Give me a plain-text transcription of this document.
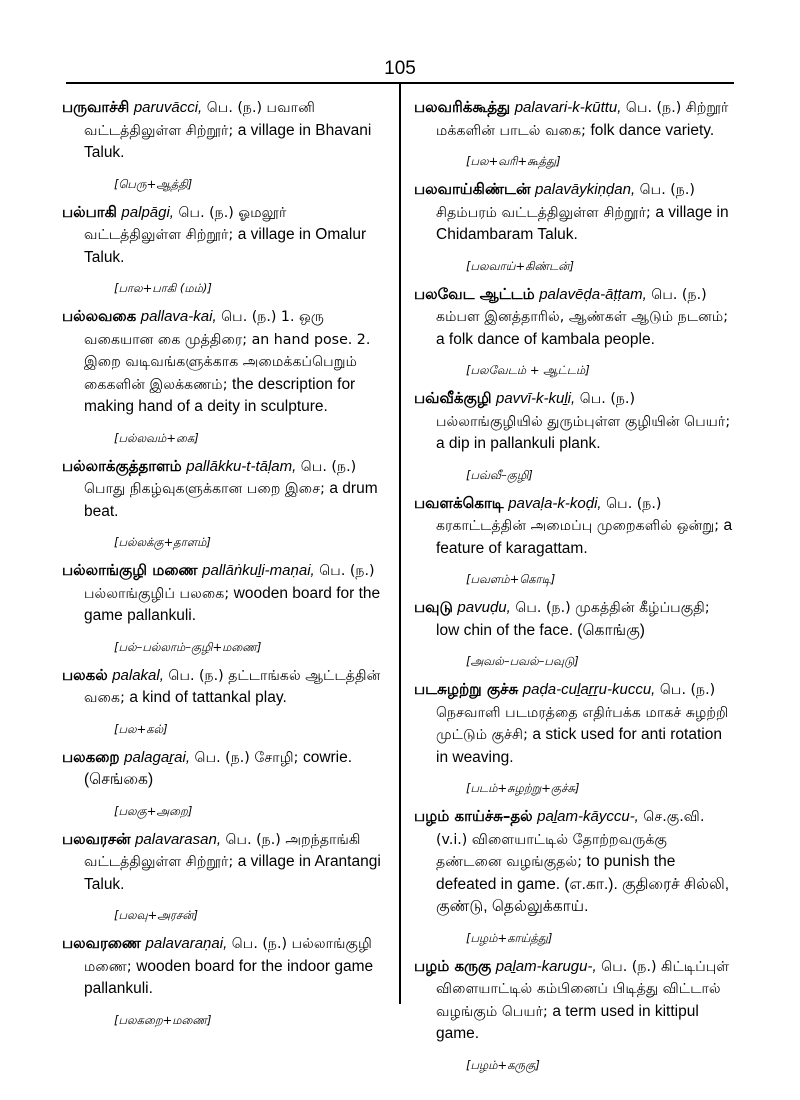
105
பருவாச்சி paruvācci, பெ. (ந.) பவானி வட்டத்திலுள்ள சிற்றூர்; a village in Bhavani Taluk.
[பெரு+ஆத்தி]
பல்பாகி palpāgi, பெ. (ந.) ஓமலூர் வட்டத்திலுள்ள சிற்றூர்; a village in Omalur Taluk.
[பால+பாகி (மம்)]
பல்லவகை pallava-kai, பெ. (ந.) 1. ஒரு வகையான கை முத்திரை; an hand pose. 2. இறை வடிவங்களுக்காக அமைக்கப்பெறும் கைகளின் இலக்கணம்; the description for making hand of a deity in sculpture.
[பல்லவம்+கை]
பல்லாக்குத்தாளம் pallākku-t-tāḷam, பெ. (ந.) பொது நிகழ்வுகளுக்கான பறை இசை; a drum beat.
[பல்லக்கு+தாளம்]
பல்லாங்குழி மணை pallāṅkuḻi-maṇai, பெ. (ந.) பல்லாங்குழிப் பலகை; wooden board for the game pallankuli.
[பல்–பல்லாம்–குழி+மணை]
பலகல் palakal, பெ. (ந.) தட்டாங்கல் ஆட்டத்தின் வகை; a kind of tattankal play.
[பல+கல்]
பலகறை palagaṟai, பெ. (ந.) சோழி; cowrie. (செங்கை)
[பலகு+அறை]
பலவரசன் palavarasan, பெ. (ந.) அறந்தாங்கி வட்டத்திலுள்ள சிற்றூர்; a village in Arantangi Taluk.
[பலவு+அரசன்]
பலவரணை palavaraṇai, பெ. (ந.) பல்லாங்குழி மணை; wooden board for the indoor game pallankuli.
[பலகறை+மணை]
பலவரிக்கூத்து palavari-k-kūttu, பெ. (ந.) சிற்றூர் மக்களின் பாடல் வகை; folk dance variety.
[பல+வரி+கூத்து]
பலவாய்கிண்டன் palavāykiṇḍan, பெ. (ந.) சிதம்பரம் வட்டத்திலுள்ள சிற்றூர்; a village in Chidambaram Taluk.
[பலவாய்+கிண்டன்]
பலவேட ஆட்டம் palavēḍa-āṭṭam, பெ. (ந.) கம்பள இனத்தாரில், ஆண்கள் ஆடும் நடனம்; a folk dance of kambala people.
[பலவேடம் + ஆட்டம்]
பவ்வீக்குழி pavvī-k-kuḻi, பெ. (ந.) பல்லாங்குழியில் துரும்புள்ள குழியின் பெயர்; a dip in pallankuli plank.
[பவ்வீ–குழி]
பவளக்கொடி pavaḷa-k-koḍi, பெ. (ந.) கரகாட்டத்தின் அமைப்பு முறைகளில் ஒன்று; a feature of karagattam.
[பவளம்+கொடி]
பவுடு pavuḍu, பெ. (ந.) முகத்தின் கீழ்ப்பகுதி; low chin of the face. (கொங்கு)
[அவல்–பவல்–பவுடு]
படசுழற்று குச்சு paḍa-cuḻaṟṟu-kuccu, பெ. (ந.) நெசவாளி படமரத்தை எதிர்பக்க மாகச் சுழற்றி முட்டும் குச்சி; a stick used for anti rotation in weaving.
[படம்+சுழற்று+குச்சு]
பழம் காய்ச்சு–தல் paḻam-kāyccu-, செ.கு.வி. (v.i.) விளையாட்டில் தோற்றவருக்கு தண்டனை வழங்குதல்; to punish the defeated in game. (எ.கா.). குதிரைச் சில்லி, குண்டு, தெல்லுக்காய்.
[பழம்+காய்த்து]
பழம் கருகு paḻam-karugu-, பெ. (ந.) கிட்டிப்புள் விளையாட்டில் கம்பினைப் பிடித்து விட்டால் வழங்கும் பெயர்; a term used in kittipul game.
[பழம்+கருகு]
